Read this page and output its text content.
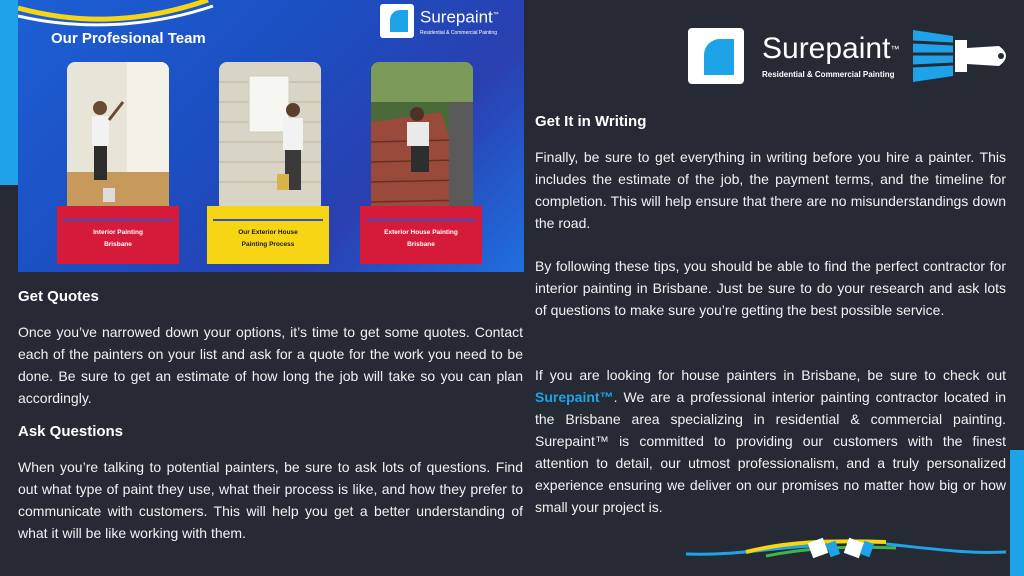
Our Profesional Team
Surepaint™
Residential & Commercial Painting
Interior Painting
Brisbane
Our Exterior House
Painting Process
Exterior House Painting
Brisbane
Surepaint™
Residential & Commercial Painting
Get Quotes
Once you’ve narrowed down your options, it’s time to get some quotes. Contact each of the painters on your list and ask for a quote for the work you need to be done. Be sure to get an estimate of how long the job will take so you can plan accordingly.
Ask Questions
When you’re talking to potential painters, be sure to ask lots of questions. Find out what type of paint they use, what their process is like, and how they prefer to communicate with customers. This will help you get a better understanding of what it will be like working with them.
Get It in Writing
Finally, be sure to get everything in writing before you hire a painter. This includes the estimate of the job, the payment terms, and the timeline for completion. This will help ensure that there are no misunderstandings down the road.
By following these tips, you should be able to find the perfect contractor for interior painting in Brisbane. Just be sure to do your research and ask lots of questions to make sure you’re getting the best possible service.
If you are looking for house painters in Brisbane, be sure to check out Surepaint™. We are a professional interior painting contractor located in the Brisbane area specializing in residential & commercial painting. Surepaint™ is committed to providing our customers with the finest attention to detail, our utmost professionalism, and a truly personalized experience ensuring we deliver on our promises no matter how big or how small your project is.
